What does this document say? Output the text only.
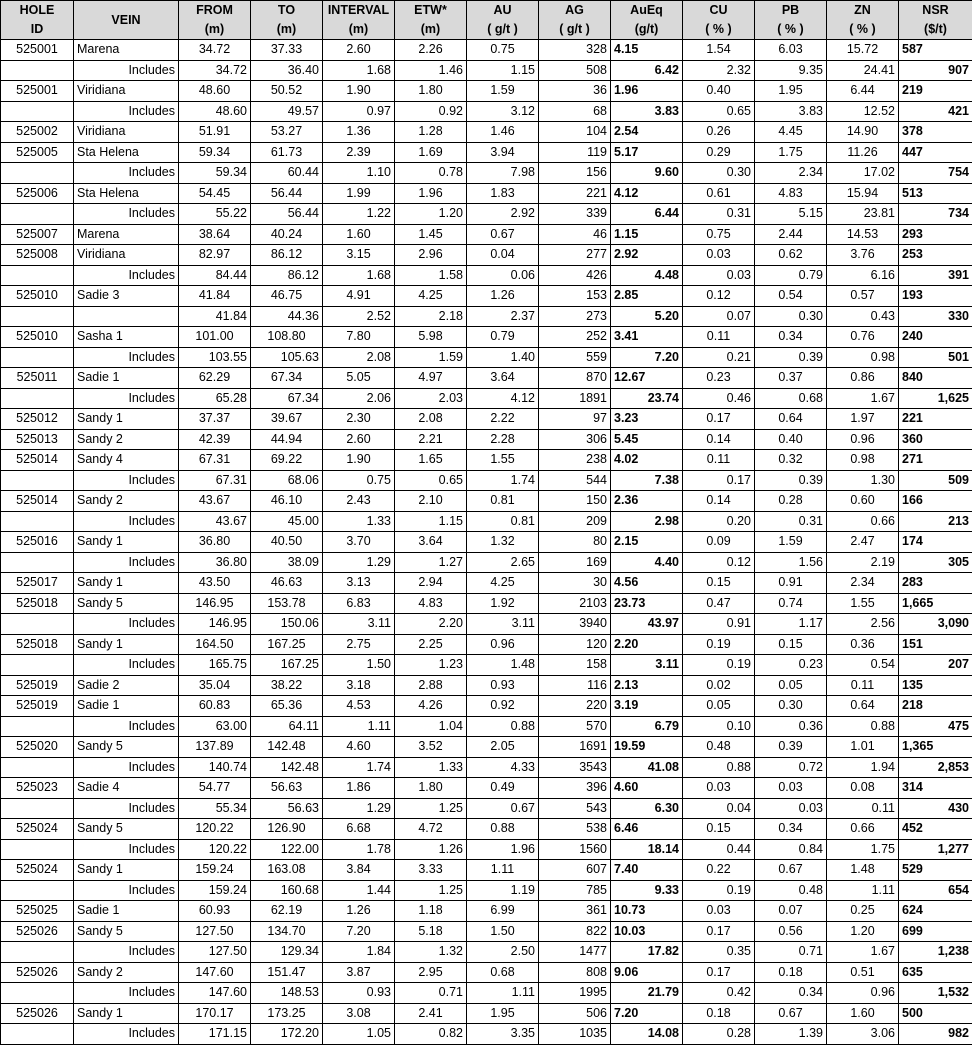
HOLE	VEIN	FROM	TO	INTERVAL	ETW*	AU	AG	AuEq	CU	PB	ZN	NSR
ID		(m)	(m)	(m)	(m)	( g/t )	( g/t )	(g/t)	( % )	( % )	( % )	($/t)
525001	Marena	34.72	37.33	2.60	2.26	0.75	328	4.15	1.54	6.03	15.72	587
	Includes	34.72	36.40	1.68	1.46	1.15	508	6.42	2.32	9.35	24.41	907
525001	Viridiana	48.60	50.52	1.90	1.80	1.59	36	1.96	0.40	1.95	6.44	219
	Includes	48.60	49.57	0.97	0.92	3.12	68	3.83	0.65	3.83	12.52	421
525002	Viridiana	51.91	53.27	1.36	1.28	1.46	104	2.54	0.26	4.45	14.90	378
525005	Sta Helena	59.34	61.73	2.39	1.69	3.94	119	5.17	0.29	1.75	11.26	447
	Includes	59.34	60.44	1.10	0.78	7.98	156	9.60	0.30	2.34	17.02	754
525006	Sta Helena	54.45	56.44	1.99	1.96	1.83	221	4.12	0.61	4.83	15.94	513
	Includes	55.22	56.44	1.22	1.20	2.92	339	6.44	0.31	5.15	23.81	734
525007	Marena	38.64	40.24	1.60	1.45	0.67	46	1.15	0.75	2.44	14.53	293
525008	Viridiana	82.97	86.12	3.15	2.96	0.04	277	2.92	0.03	0.62	3.76	253
	Includes	84.44	86.12	1.68	1.58	0.06	426	4.48	0.03	0.79	6.16	391
525010	Sadie 3	41.84	46.75	4.91	4.25	1.26	153	2.85	0.12	0.54	0.57	193
		41.84	44.36	2.52	2.18	2.37	273	5.20	0.07	0.30	0.43	330
525010	Sasha 1	101.00	108.80	7.80	5.98	0.79	252	3.41	0.11	0.34	0.76	240
	Includes	103.55	105.63	2.08	1.59	1.40	559	7.20	0.21	0.39	0.98	501
525011	Sadie 1	62.29	67.34	5.05	4.97	3.64	870	12.67	0.23	0.37	0.86	840
	Includes	65.28	67.34	2.06	2.03	4.12	1891	23.74	0.46	0.68	1.67	1,625
525012	Sandy 1	37.37	39.67	2.30	2.08	2.22	97	3.23	0.17	0.64	1.97	221
525013	Sandy 2	42.39	44.94	2.60	2.21	2.28	306	5.45	0.14	0.40	0.96	360
525014	Sandy 4	67.31	69.22	1.90	1.65	1.55	238	4.02	0.11	0.32	0.98	271
	Includes	67.31	68.06	0.75	0.65	1.74	544	7.38	0.17	0.39	1.30	509
525014	Sandy 2	43.67	46.10	2.43	2.10	0.81	150	2.36	0.14	0.28	0.60	166
	Includes	43.67	45.00	1.33	1.15	0.81	209	2.98	0.20	0.31	0.66	213
525016	Sandy 1	36.80	40.50	3.70	3.64	1.32	80	2.15	0.09	1.59	2.47	174
	Includes	36.80	38.09	1.29	1.27	2.65	169	4.40	0.12	1.56	2.19	305
525017	Sandy 1	43.50	46.63	3.13	2.94	4.25	30	4.56	0.15	0.91	2.34	283
525018	Sandy 5	146.95	153.78	6.83	4.83	1.92	2103	23.73	0.47	0.74	1.55	1,665
	Includes	146.95	150.06	3.11	2.20	3.11	3940	43.97	0.91	1.17	2.56	3,090
525018	Sandy 1	164.50	167.25	2.75	2.25	0.96	120	2.20	0.19	0.15	0.36	151
	Includes	165.75	167.25	1.50	1.23	1.48	158	3.11	0.19	0.23	0.54	207
525019	Sadie 2	35.04	38.22	3.18	2.88	0.93	116	2.13	0.02	0.05	0.11	135
525019	Sadie 1	60.83	65.36	4.53	4.26	0.92	220	3.19	0.05	0.30	0.64	218
	Includes	63.00	64.11	1.11	1.04	0.88	570	6.79	0.10	0.36	0.88	475
525020	Sandy 5	137.89	142.48	4.60	3.52	2.05	1691	19.59	0.48	0.39	1.01	1,365
	Includes	140.74	142.48	1.74	1.33	4.33	3543	41.08	0.88	0.72	1.94	2,853
525023	Sadie 4	54.77	56.63	1.86	1.80	0.49	396	4.60	0.03	0.03	0.08	314
	Includes	55.34	56.63	1.29	1.25	0.67	543	6.30	0.04	0.03	0.11	430
525024	Sandy 5	120.22	126.90	6.68	4.72	0.88	538	6.46	0.15	0.34	0.66	452
	Includes	120.22	122.00	1.78	1.26	1.96	1560	18.14	0.44	0.84	1.75	1,277
525024	Sandy 1	159.24	163.08	3.84	3.33	1.11	607	7.40	0.22	0.67	1.48	529
	Includes	159.24	160.68	1.44	1.25	1.19	785	9.33	0.19	0.48	1.11	654
525025	Sadie 1	60.93	62.19	1.26	1.18	6.99	361	10.73	0.03	0.07	0.25	624
525026	Sandy 5	127.50	134.70	7.20	5.18	1.50	822	10.03	0.17	0.56	1.20	699
	Includes	127.50	129.34	1.84	1.32	2.50	1477	17.82	0.35	0.71	1.67	1,238
525026	Sandy 2	147.60	151.47	3.87	2.95	0.68	808	9.06	0.17	0.18	0.51	635
	Includes	147.60	148.53	0.93	0.71	1.11	1995	21.79	0.42	0.34	0.96	1,532
525026	Sandy 1	170.17	173.25	3.08	2.41	1.95	506	7.20	0.18	0.67	1.60	500
	Includes	171.15	172.20	1.05	0.82	3.35	1035	14.08	0.28	1.39	3.06	982
